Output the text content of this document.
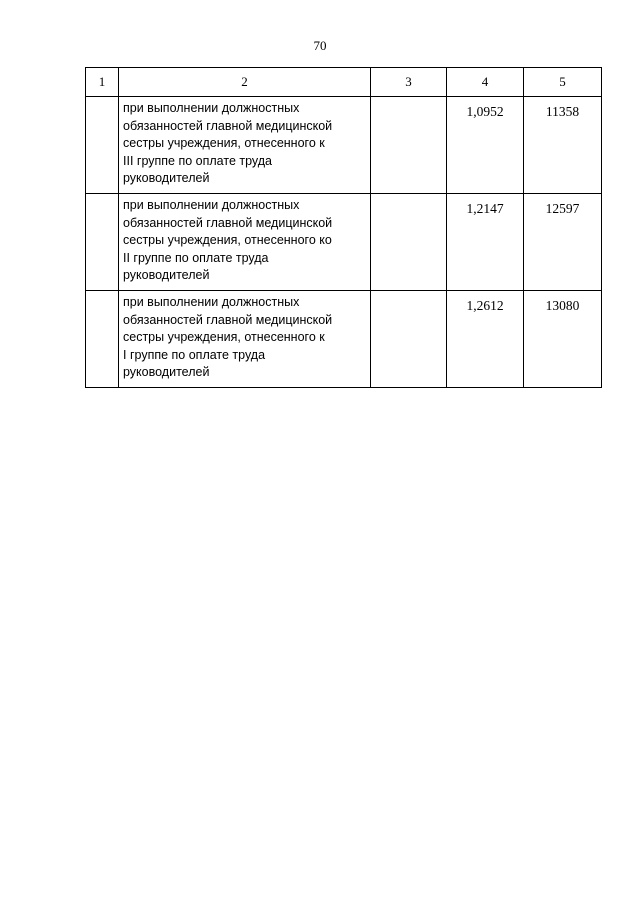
70
1	2	3	4	5
	при выполнении должностных
обязанностей главной медицинской
сестры учреждения, отнесенного к
III группе по оплате труда
руководителей		1,0952	11358
	при выполнении должностных
обязанностей главной медицинской
сестры учреждения, отнесенного ко
II группе по оплате труда
руководителей		1,2147	12597
	при выполнении должностных
обязанностей главной медицинской
сестры учреждения, отнесенного к
I группе по оплате труда
руководителей		1,2612	13080
